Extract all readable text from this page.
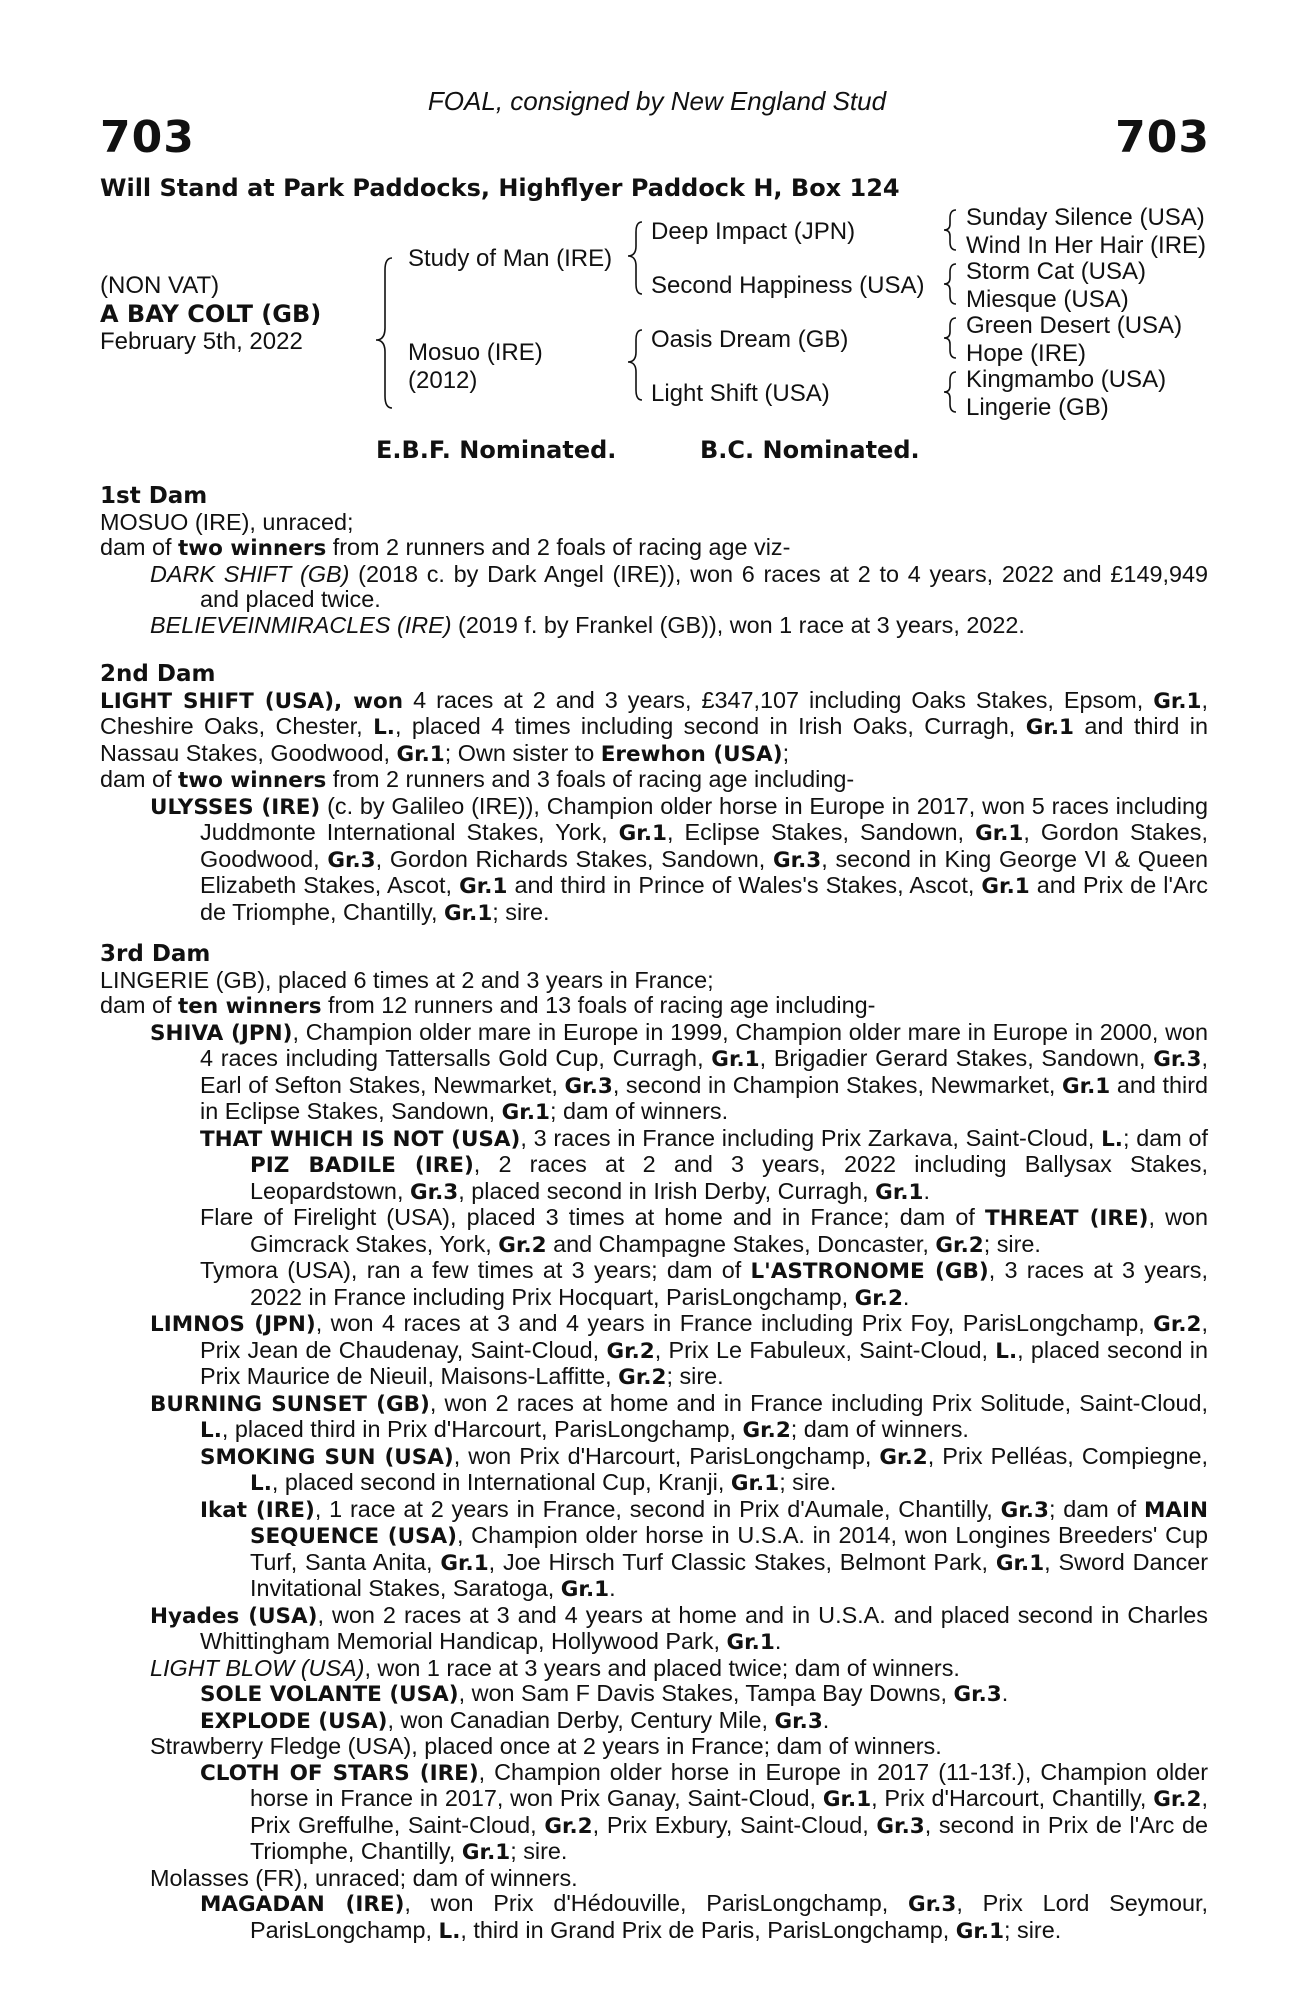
FOAL, consigned by New England Stud
703	703
Will Stand at Park Paddocks, Highflyer Paddock H, Box 124
(NON VAT)
A BAY COLT (GB)
February 5th, 2022
Study of Man (IRE)
Mosuo (IRE)
(2012)
Deep Impact (JPN)
Second Happiness (USA)
Oasis Dream (GB)
Light Shift (USA)
Sunday Silence (USA)
Wind In Her Hair (IRE)
Storm Cat (USA)
Miesque (USA)
Green Desert (USA)
Hope (IRE)
Kingmambo (USA)
Lingerie (GB)
E.B.F. Nominated.	B.C. Nominated.
1st Dam

MOSUO (IRE), unraced;

dam of two winners from 2 runners and 2 foals of racing age viz-

DARK SHIFT (GB) (2018 c. by Dark Angel (IRE)), won 6 races at 2 to 4 years, 2022 and £149,949 and placed twice.

BELIEVEINMIRACLES (IRE) (2019 f. by Frankel (GB)), won 1 race at 3 years, 2022.

2nd Dam

LIGHT SHIFT (USA), won 4 races at 2 and 3 years, £347,107 including Oaks Stakes, Epsom, Gr.1, Cheshire Oaks, Chester, L., placed 4 times including second in Irish Oaks, Curragh, Gr.1 and third in Nassau Stakes, Goodwood, Gr.1; Own sister to Erewhon (USA);

dam of two winners from 2 runners and 3 foals of racing age including-

ULYSSES (IRE) (c. by Galileo (IRE)), Champion older horse in Europe in 2017, won 5 races including Juddmonte International Stakes, York, Gr.1, Eclipse Stakes, Sandown, Gr.1, Gordon Stakes, Goodwood, Gr.3, Gordon Richards Stakes, Sandown, Gr.3, second in King George VI & Queen Elizabeth Stakes, Ascot, Gr.1 and third in Prince of Wales's Stakes, Ascot, Gr.1 and Prix de l'Arc de Triomphe, Chantilly, Gr.1; sire.

3rd Dam

LINGERIE (GB), placed 6 times at 2 and 3 years in France;

dam of ten winners from 12 runners and 13 foals of racing age including-

SHIVA (JPN), Champion older mare in Europe in 1999, Champion older mare in Europe in 2000, won 4 races including Tattersalls Gold Cup, Curragh, Gr.1, Brigadier Gerard Stakes, Sandown, Gr.3, Earl of Sefton Stakes, Newmarket, Gr.3, second in Champion Stakes, Newmarket, Gr.1 and third in Eclipse Stakes, Sandown, Gr.1; dam of winners.

THAT WHICH IS NOT (USA), 3 races in France including Prix Zarkava, Saint-Cloud, L.; dam of PIZ BADILE (IRE), 2 races at 2 and 3 years, 2022 including Ballysax Stakes, Leopardstown, Gr.3, placed second in Irish Derby, Curragh, Gr.1.

Flare of Firelight (USA), placed 3 times at home and in France; dam of THREAT (IRE), won Gimcrack Stakes, York, Gr.2 and Champagne Stakes, Doncaster, Gr.2; sire.

Tymora (USA), ran a few times at 3 years; dam of L'ASTRONOME (GB), 3 races at 3 years, 2022 in France including Prix Hocquart, ParisLongchamp, Gr.2.

LIMNOS (JPN), won 4 races at 3 and 4 years in France including Prix Foy, ParisLongchamp, Gr.2, Prix Jean de Chaudenay, Saint-Cloud, Gr.2, Prix Le Fabuleux, Saint-Cloud, L., placed second in Prix Maurice de Nieuil, Maisons-Laffitte, Gr.2; sire.

BURNING SUNSET (GB), won 2 races at home and in France including Prix Solitude, Saint-Cloud, L., placed third in Prix d'Harcourt, ParisLongchamp, Gr.2; dam of winners.

SMOKING SUN (USA), won Prix d'Harcourt, ParisLongchamp, Gr.2, Prix Pelléas, Compiegne, L., placed second in International Cup, Kranji, Gr.1; sire.

Ikat (IRE), 1 race at 2 years in France, second in Prix d'Aumale, Chantilly, Gr.3; dam of MAIN SEQUENCE (USA), Champion older horse in U.S.A. in 2014, won Longines Breeders' Cup Turf, Santa Anita, Gr.1, Joe Hirsch Turf Classic Stakes, Belmont Park, Gr.1, Sword Dancer Invitational Stakes, Saratoga, Gr.1.

Hyades (USA), won 2 races at 3 and 4 years at home and in U.S.A. and placed second in Charles Whittingham Memorial Handicap, Hollywood Park, Gr.1.

LIGHT BLOW (USA), won 1 race at 3 years and placed twice; dam of winners.

SOLE VOLANTE (USA), won Sam F Davis Stakes, Tampa Bay Downs, Gr.3.

EXPLODE (USA), won Canadian Derby, Century Mile, Gr.3.

Strawberry Fledge (USA), placed once at 2 years in France; dam of winners.

CLOTH OF STARS (IRE), Champion older horse in Europe in 2017 (11-13f.), Champion older horse in France in 2017, won Prix Ganay, Saint-Cloud, Gr.1, Prix d'Harcourt, Chantilly, Gr.2, Prix Greffulhe, Saint-Cloud, Gr.2, Prix Exbury, Saint-Cloud, Gr.3, second in Prix de l'Arc de Triomphe, Chantilly, Gr.1; sire.

Molasses (FR), unraced; dam of winners.

MAGADAN (IRE), won Prix d'Hédouville, ParisLongchamp, Gr.3, Prix Lord Seymour, ParisLongchamp, L., third in Grand Prix de Paris, ParisLongchamp, Gr.1; sire.
